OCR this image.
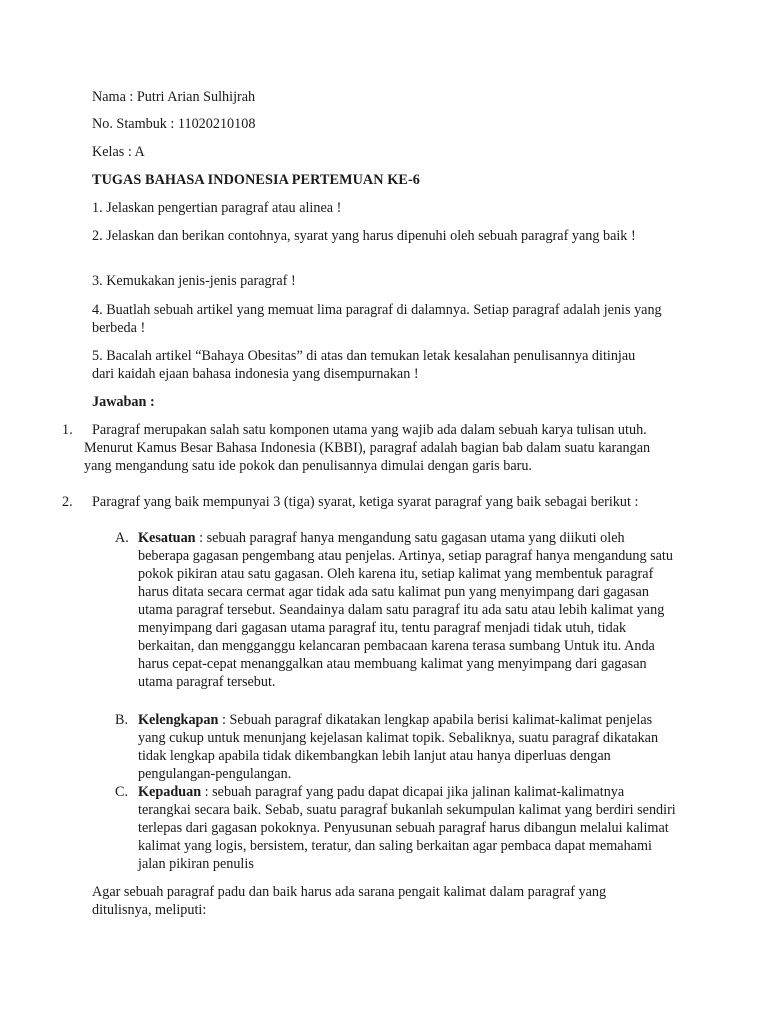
Nama : Putri Arian Sulhijrah

No. Stambuk : 11020210108

Kelas : A

TUGAS BAHASA INDONESIA PERTEMUAN KE-6

1. Jelaskan pengertian paragraf atau alinea !

2. Jelaskan dan berikan contohnya, syarat yang harus dipenuhi oleh sebuah paragraf yang baik !

3. Kemukakan jenis-jenis paragraf !

4. Buatlah sebuah artikel yang memuat lima paragraf di dalamnya. Setiap paragraf adalah jenis yang berbeda !

5. Bacalah artikel “Bahaya Obesitas” di atas dan temukan letak kesalahan penulisannya ditinjau dari kaidah ejaan bahasa indonesia yang disempurnakan !

Jawaban :

1.	Paragraf merupakan salah satu komponen utama yang wajib ada dalam sebuah karya tulisan utuh. Menurut Kamus Besar Bahasa Indonesia (KBBI), paragraf adalah bagian bab dalam suatu karangan yang mengandung satu ide pokok dan penulisannya dimulai dengan garis baru.

2.	Paragraf yang baik mempunyai 3 (tiga) syarat, ketiga syarat paragraf yang baik sebagai berikut :

A. Kesatuan : sebuah paragraf hanya mengandung satu gagasan utama yang diikuti oleh beberapa gagasan pengembang atau penjelas. Artinya, setiap paragraf hanya mengandung satu pokok pikiran atau satu gagasan. Oleh karena itu, setiap kalimat yang membentuk paragraf harus ditata secara cermat agar tidak ada satu kalimat pun yang menyimpang dari gagasan utama paragraf tersebut. Seandainya dalam satu paragraf itu ada satu atau lebih kalimat yang menyimpang dari gagasan utama paragraf itu, tentu paragraf menjadi tidak utuh, tidak berkaitan, dan mengganggu kelancaran pembacaan karena terasa sumbang Untuk itu. Anda harus cepat-cepat menanggalkan atau membuang kalimat yang menyimpang dari gagasan utama paragraf tersebut.

B. Kelengkapan : Sebuah paragraf dikatakan lengkap apabila berisi kalimat-kalimat penjelas yang cukup untuk menunjang kejelasan kalimat topik. Sebaliknya, suatu paragraf dikatakan tidak lengkap apabila tidak dikembangkan lebih lanjut atau hanya diperluas dengan pengulangan-pengulangan.

C. Kepaduan : sebuah paragraf yang padu dapat dicapai jika jalinan kalimat-kalimatnya terangkai secara baik. Sebab, suatu paragraf bukanlah sekumpulan kalimat yang berdiri sendiri terlepas dari gagasan pokoknya. Penyusunan sebuah paragraf harus dibangun melalui kalimat kalimat yang logis, bersistem, teratur, dan saling berkaitan agar pembaca dapat memahami jalan pikiran penulis

Agar sebuah paragraf padu dan baik harus ada sarana pengait kalimat dalam paragraf yang ditulisnya, meliputi:
